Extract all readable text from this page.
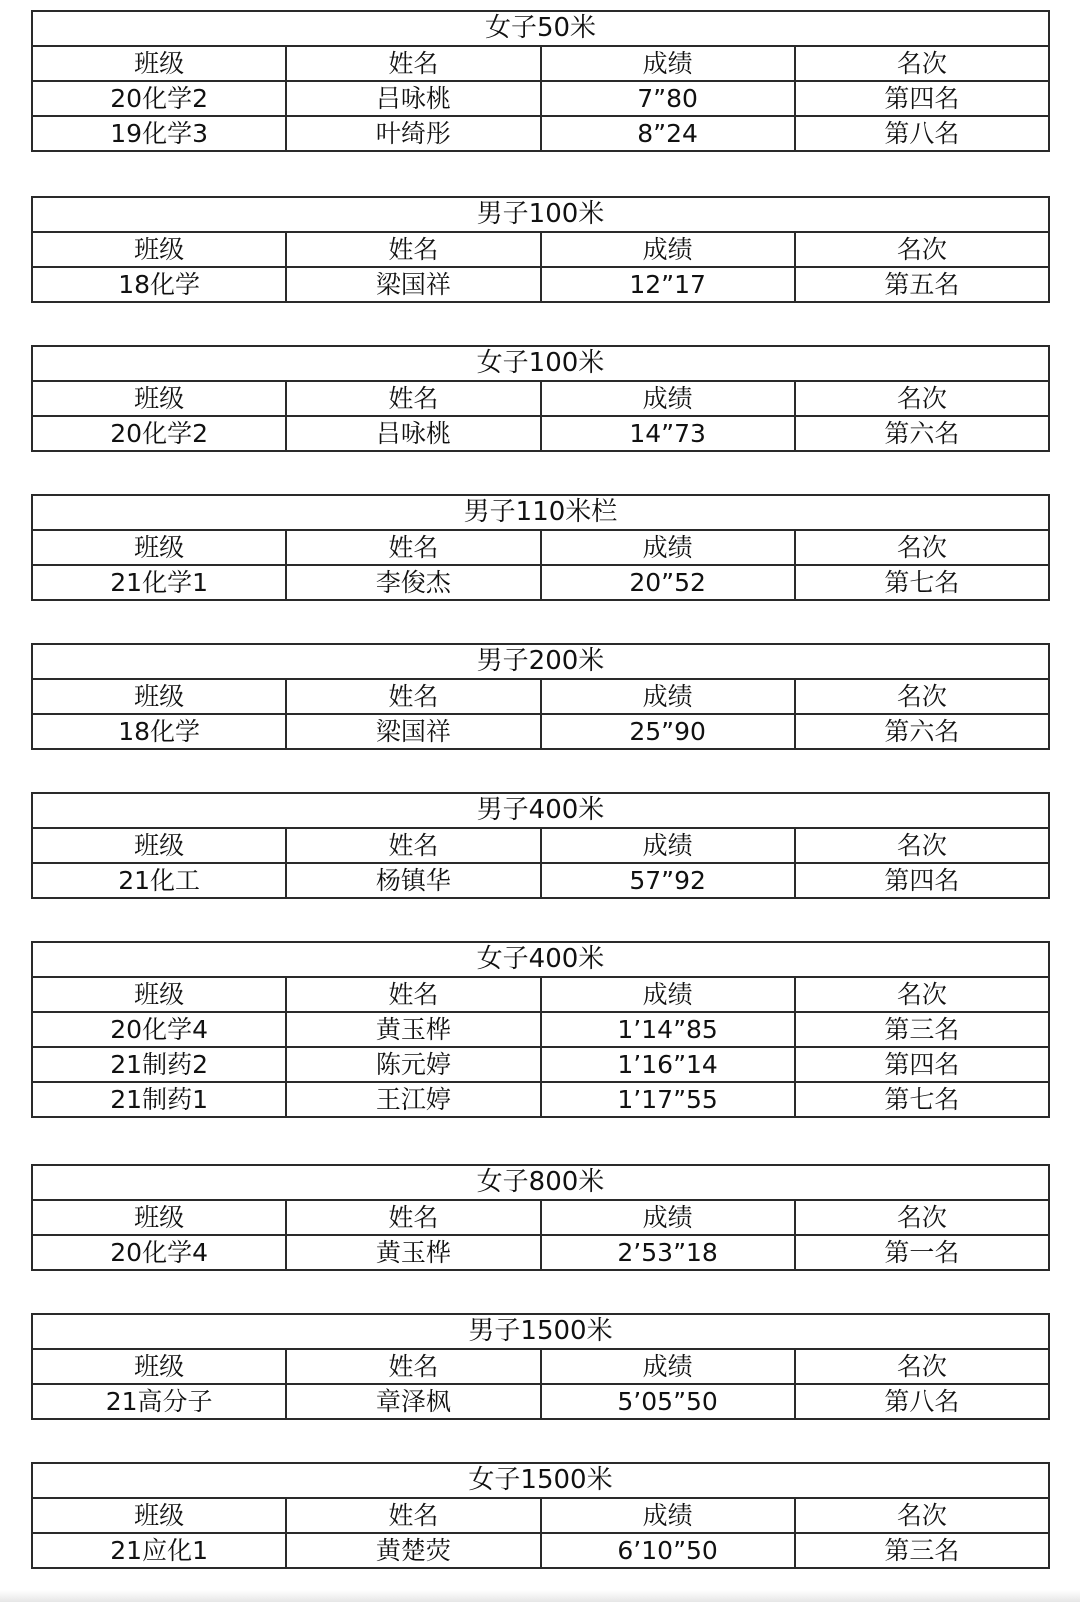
女子50米			
班级	姓名	成绩	名次
20化学2	吕咏桃	7”80	第四名
19化学3	叶绮彤	8”24	第八名
男子100米			
班级	姓名	成绩	名次
18化学	梁国祥	12”17	第五名
女子100米			
班级	姓名	成绩	名次
20化学2	吕咏桃	14”73	第六名
男子110米栏			
班级	姓名	成绩	名次
21化学1	李俊杰	20”52	第七名
男子200米			
班级	姓名	成绩	名次
18化学	梁国祥	25”90	第六名
男子400米			
班级	姓名	成绩	名次
21化工	杨镇华	57”92	第四名
女子400米			
班级	姓名	成绩	名次
20化学4	黄玉桦	1’14”85	第三名
21制药2	陈元婷	1’16”14	第四名
21制药1	王江婷	1’17”55	第七名
女子800米			
班级	姓名	成绩	名次
20化学4	黄玉桦	2’53”18	第一名
男子1500米			
班级	姓名	成绩	名次
21高分子	章泽枫	5’05”50	第八名
女子1500米			
班级	姓名	成绩	名次
21应化1	黄楚荧	6’10”50	第三名
